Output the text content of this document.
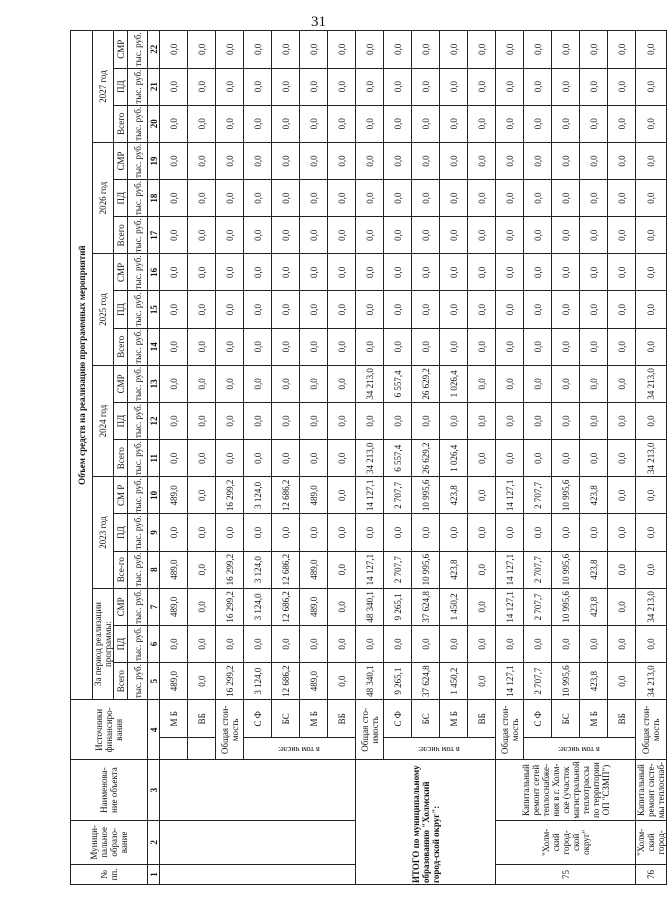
31
№ пп.	Муници-пальное образо-вание	Наименова-ние объекта	Источники финансиро-вания		Объем средств на реализацию программных мероприятий																	
					За период реализации программы:			2023 год			2024 год			2025 год			2026 год			2027 год		
					Всего	ПД	СМР	Все-го	ПД	СМ Р	Всего	ПД	СМР	Всего	ПД	СМР	Всего	ПД	СМР	Всего	ПД	СМР
					тыс. руб.	тыс. руб.	тыс. руб.	тыс. руб.	тыс. руб.	тыс. руб.	тыс. руб.	тыс. руб.	тыс. руб.	тыс. руб.	тыс. руб.	тыс. руб.	тыс. руб.	тыс. руб.	тыс. руб.	тыс. руб.	тыс. руб.	тыс. руб.
1	2	3	4		5	6	7	8	9	10	11	12	13	14	15	16	17	18	19	20	21	22
				М Б	489,0	0,0	489,0	489,0	0,0	489,0	0,0	0,0	0,0	0,0	0,0	0,0	0,0	0,0	0,0	0,0	0,0	0,0
				ВБ	0,0	0,0	0,0	0,0	0,0	0,0	0,0	0,0	0,0	0,0	0,0	0,0	0,0	0,0	0,0	0,0	0,0	0,0
			Общая стои-мость		16 299,2	0,0	16 299,2	16 299,2	0,0	16 299,2	0,0	0,0	0,0	0,0	0,0	0,0	0,0	0,0	0,0	0,0	0,0	0,0
			в том числе:	С Ф	3 124,0	0,0	3 124,0	3 124,0	0,0	3 124,0	0,0	0,0	0,0	0,0	0,0	0,0	0,0	0,0	0,0	0,0	0,0	0,0
				БС	12 686,2	0,0	12 686,2	12 686,2	0,0	12 686,2	0,0	0,0	0,0	0,0	0,0	0,0	0,0	0,0	0,0	0,0	0,0	0,0
				М Б	489,0	0,0	489,0	489,0	0,0	489,0	0,0	0,0	0,0	0,0	0,0	0,0	0,0	0,0	0,0	0,0	0,0	0,0
				ВБ	0,0	0,0	0,0	0,0	0,0	0,0	0,0	0,0	0,0	0,0	0,0	0,0	0,0	0,0	0,0	0,0	0,0	0,0
ИТОГО по муниципальному образованию "Холмский город-ской округ":			Общая сто-имость		48 340,1	0,0	48 340,1	14 127,1	0,0	14 127,1	34 213,0	0,0	34 213,0	0,0	0,0	0,0	0,0	0,0	0,0	0,0	0,0	0,0
			в том числе:	С Ф	9 265,1	0,0	9 265,1	2 707,7	0,0	2 707,7	6 557,4	0,0	6 557,4	0,0	0,0	0,0	0,0	0,0	0,0	0,0	0,0	0,0
				БС	37 624,8	0,0	37 624,8	10 995,6	0,0	10 995,6	26 629,2	0,0	26 629,2	0,0	0,0	0,0	0,0	0,0	0,0	0,0	0,0	0,0
				М Б	1 450,2	0,0	1 450,2	423,8	0,0	423,8	1 026,4	0,0	1 026,4	0,0	0,0	0,0	0,0	0,0	0,0	0,0	0,0	0,0
				ВБ	0,0	0,0	0,0	0,0	0,0	0,0	0,0	0,0	0,0	0,0	0,0	0,0	0,0	0,0	0,0	0,0	0,0	0,0
75	"Холм-ский город-ской округ"	Капитальный ремонт сетей теплоснабже-ния в г. Холм-ске (участок магистральной теплотрассы по территории ОП "СЗМП")	Общая стои-мость		14 127,1	0,0	14 127,1	14 127,1	0,0	14 127,1	0,0	0,0	0,0	0,0	0,0	0,0	0,0	0,0	0,0	0,0	0,0	0,0
			в том числе:	С Ф	2 707,7	0,0	2 707,7	2 707,7	0,0	2 707,7	0,0	0,0	0,0	0,0	0,0	0,0	0,0	0,0	0,0	0,0	0,0	0,0
				БС	10 995,6	0,0	10 995,6	10 995,6	0,0	10 995,6	0,0	0,0	0,0	0,0	0,0	0,0	0,0	0,0	0,0	0,0	0,0	0,0
				М Б	423,8	0,0	423,8	423,8	0,0	423,8	0,0	0,0	0,0	0,0	0,0	0,0	0,0	0,0	0,0	0,0	0,0	0,0
				ВБ	0,0	0,0	0,0	0,0	0,0	0,0	0,0	0,0	0,0	0,0	0,0	0,0	0,0	0,0	0,0	0,0	0,0	0,0
76	"Холм-ский город-	Капитальный ремонт систе-мы теплоснаб-	Общая стои-мость		34 213,0	0,0	34 213,0	0,0	0,0	0,0	34 213,0	0,0	34 213,0	0,0	0,0	0,0	0,0	0,0	0,0	0,0	0,0	0,0
